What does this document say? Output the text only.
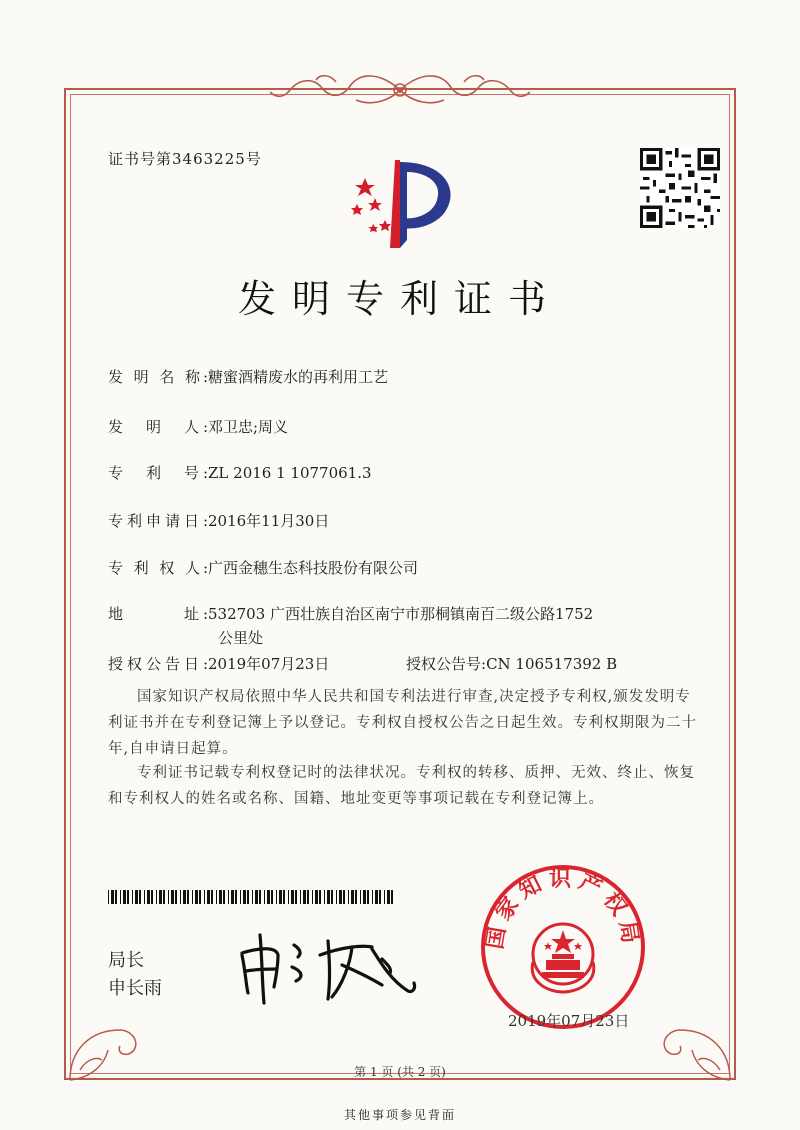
证书号第3463225号
发明专利证书
发 明 名 称:糖蜜酒精废水的再利用工艺
发　明　人:邓卫忠;周义
专　利　号:ZL 2016 1 1077061.3
专利申请日:2016年11月30日
专 利 权 人:广西金穗生态科技股份有限公司
地　　　址:532703 广西壮族自治区南宁市那桐镇南百二级公路1752
公里处
授权公告日:2019年07月23日	授权公告号:CN 106517392 B
国家知识产权局依照中华人民共和国专利法进行审查,决定授予专利权,颁发发明专利证书并在专利登记簿上予以登记。专利权自授权公告之日起生效。专利权期限为二十年,自申请日起算。
专利证书记载专利权登记时的法律状况。专利权的转移、质押、无效、终止、恢复和专利权人的姓名或名称、国籍、地址变更等事项记载在专利登记簿上。
局长
申长雨
国家知识产权局
2019年07月23日
第 1 页 (共 2 页)
其他事项参见背面
